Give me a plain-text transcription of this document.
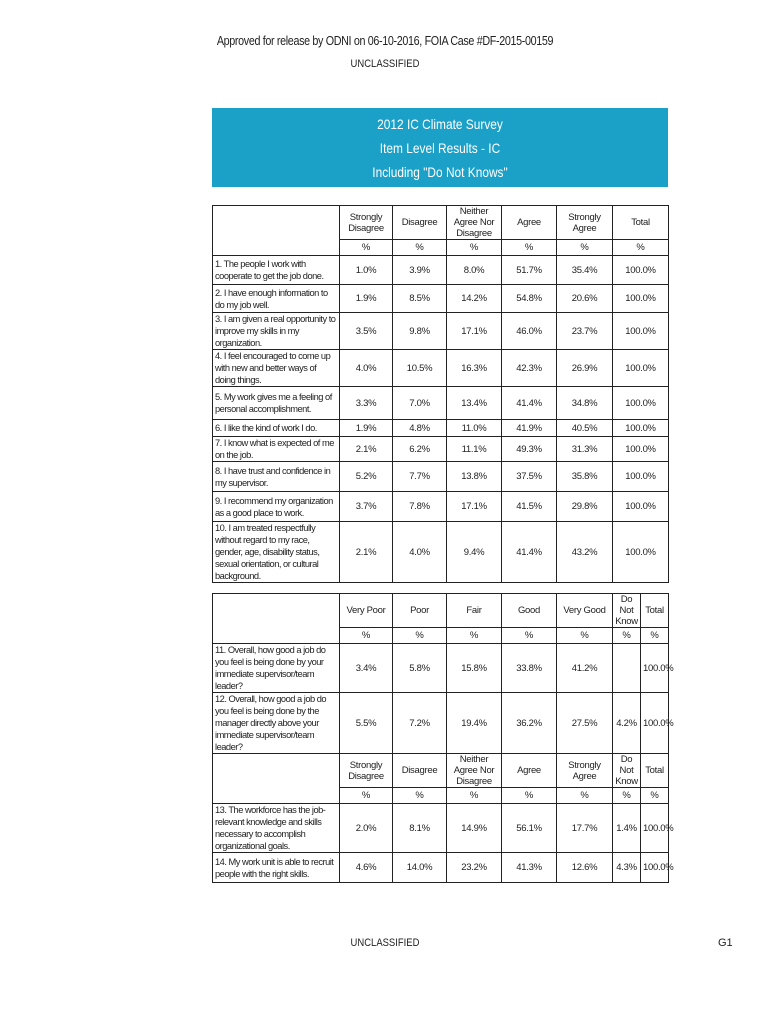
Approved for release by ODNI on 06-10-2016, FOIA Case #DF-2015-00159
UNCLASSIFIED
2012 IC Climate Survey
Item Level Results - IC
Including "Do Not Knows"
	Strongly Disagree	Disagree	Neither Agree Nor Disagree	Agree	Strongly Agree	Total
	%	%	%	%	%	%
1. The people I work with cooperate to get the job done.	1.0%	3.9%	8.0%	51.7%	35.4%	100.0%
2. I have enough information to do my job well.	1.9%	8.5%	14.2%	54.8%	20.6%	100.0%
3. I am given a real opportunity to improve my skills in my organization.	3.5%	9.8%	17.1%	46.0%	23.7%	100.0%
4. I feel encouraged to come up with new and better ways of doing things.	4.0%	10.5%	16.3%	42.3%	26.9%	100.0%
5. My work gives me a feeling of personal accomplishment.	3.3%	7.0%	13.4%	41.4%	34.8%	100.0%
6. I like the kind of work I do.	1.9%	4.8%	11.0%	41.9%	40.5%	100.0%
7. I know what is expected of me on the job.	2.1%	6.2%	11.1%	49.3%	31.3%	100.0%
8. I have trust and confidence in my supervisor.	5.2%	7.7%	13.8%	37.5%	35.8%	100.0%
9. I recommend my organization as a good place to work.	3.7%	7.8%	17.1%	41.5%	29.8%	100.0%
10. I am treated respectfully without regard to my race, gender, age, disability status, sexual orientation, or cultural background.	2.1%	4.0%	9.4%	41.4%	43.2%	100.0%
	Very Poor	Poor	Fair	Good	Very Good	Do Not Know	Total
	%	%	%	%	%	%	%
11. Overall, how good a job do you feel is being done by your immediate supervisor/team leader?	3.4%	5.8%	15.8%	33.8%	41.2%		100.0%
12. Overall, how good a job do you feel is being done by the manager directly above your immediate supervisor/team leader?	5.5%	7.2%	19.4%	36.2%	27.5%	4.2%	100.0%
	Strongly Disagree	Disagree	Neither Agree Nor Disagree	Agree	Strongly Agree	Do Not Know	Total
	%	%	%	%	%	%	%
13. The workforce has the job-relevant knowledge and skills necessary to accomplish organizational goals.	2.0%	8.1%	14.9%	56.1%	17.7%	1.4%	100.0%
14. My work unit is able to recruit people with the right skills.	4.6%	14.0%	23.2%	41.3%	12.6%	4.3%	100.0%
UNCLASSIFIED	G1
